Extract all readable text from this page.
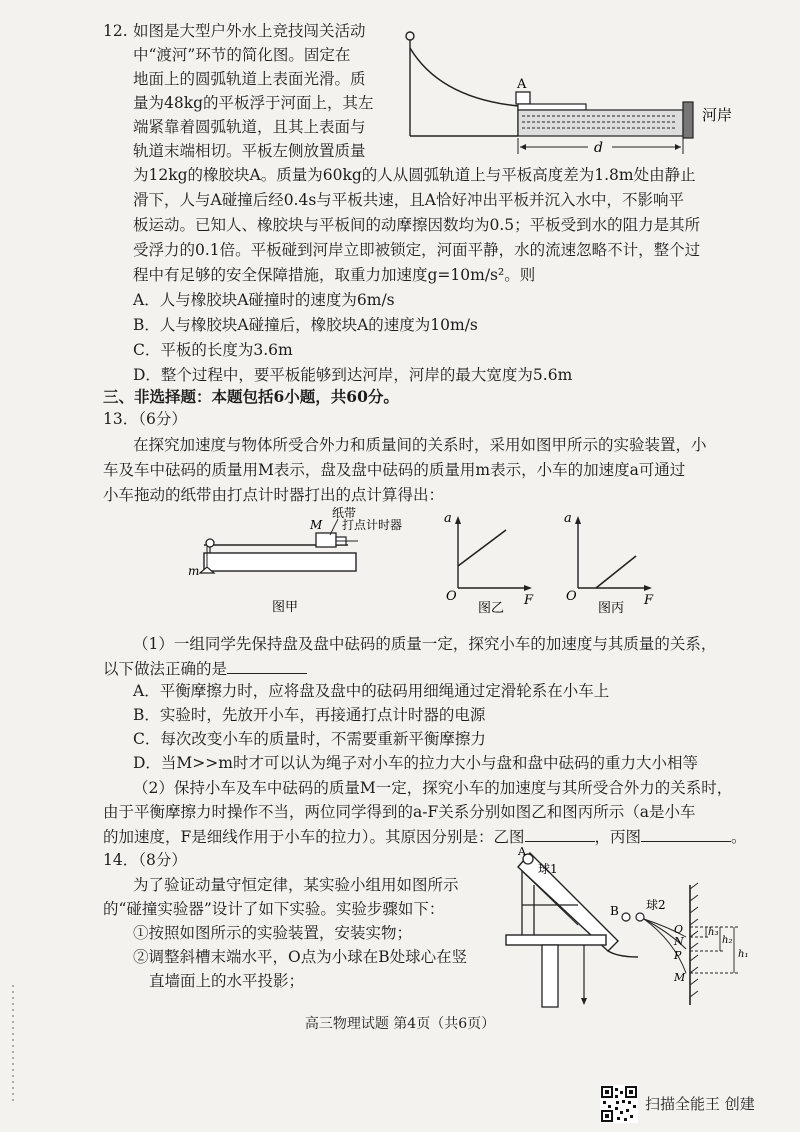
12. 如图是大型户外水上竞技闯关活动
中“渡河”环节的简化图。固定在
地面上的圆弧轨道上表面光滑。质
量为48kg的平板浮于河面上，其左
端紧靠着圆弧轨道，且其上表面与
轨道末端相切。平板左侧放置质量
为12kg的橡胶块A。质量为60kg的人从圆弧轨道上与平板高度差为1.8m处由静止
滑下，人与A碰撞后经0.4s与平板共速，且A恰好冲出平板并沉入水中，不影响平
板运动。已知人、橡胶块与平板间的动摩擦因数均为0.5；平板受到水的阻力是其所
受浮力的0.1倍。平板碰到河岸立即被锁定，河面平静，水的流速忽略不计，整个过
程中有足够的安全保障措施，取重力加速度g=10m/s²。则
A
河岸
d
A．人与橡胶块A碰撞时的速度为6m/s
B．人与橡胶块A碰撞后，橡胶块A的速度为10m/s
C．平板的长度为3.6m
D．整个过程中，要平板能够到达河岸，河岸的最大宽度为5.6m
三、非选择题：本题包括6小题，共60分。
13．（6分）
在探究加速度与物体所受合外力和质量间的关系时，采用如图甲所示的实验装置，小
车及车中砝码的质量用M表示，盘及盘中砝码的质量用m表示，小车的加速度a可通过
小车拖动的纸带由打点计时器打出的点计算得出：
m
M
纸带
打点计时器
图甲
a
O	F
图乙
a
O	F
图丙
（1）一组同学先保持盘及盘中砝码的质量一定，探究小车的加速度与其质量的关系，
以下做法正确的是
A．平衡摩擦力时，应将盘及盘中的砝码用细绳通过定滑轮系在小车上
B．实验时，先放开小车，再接通打点计时器的电源
C．每次改变小车的质量时，不需要重新平衡摩擦力
D．当M>>m时才可以认为绳子对小车的拉力大小与盘和盘中砝码的重力大小相等
（2）保持小车及车中砝码的质量M一定，探究小车的加速度与其所受合外力的关系时，
由于平衡摩擦力时操作不当，两位同学得到的a-F关系分别如图乙和图丙所示（a是小车
的加速度，F是细线作用于小车的拉力）。其原因分别是：乙图	，丙图	。
14．（8分）
为了验证动量守恒定律，某实验小组用如图所示
的“碰撞实验器”设计了如下实验。实验步骤如下：
①按照如图所示的实验装置，安装实物；
②调整斜槽末端水平，O点为小球在B处球心在竖
直墙面上的水平投影；
A
球1
B 球2
O
N
P
M
h₃
h₂
h₁
高三物理试题 第4页（共6页）
扫描全能王 创建
